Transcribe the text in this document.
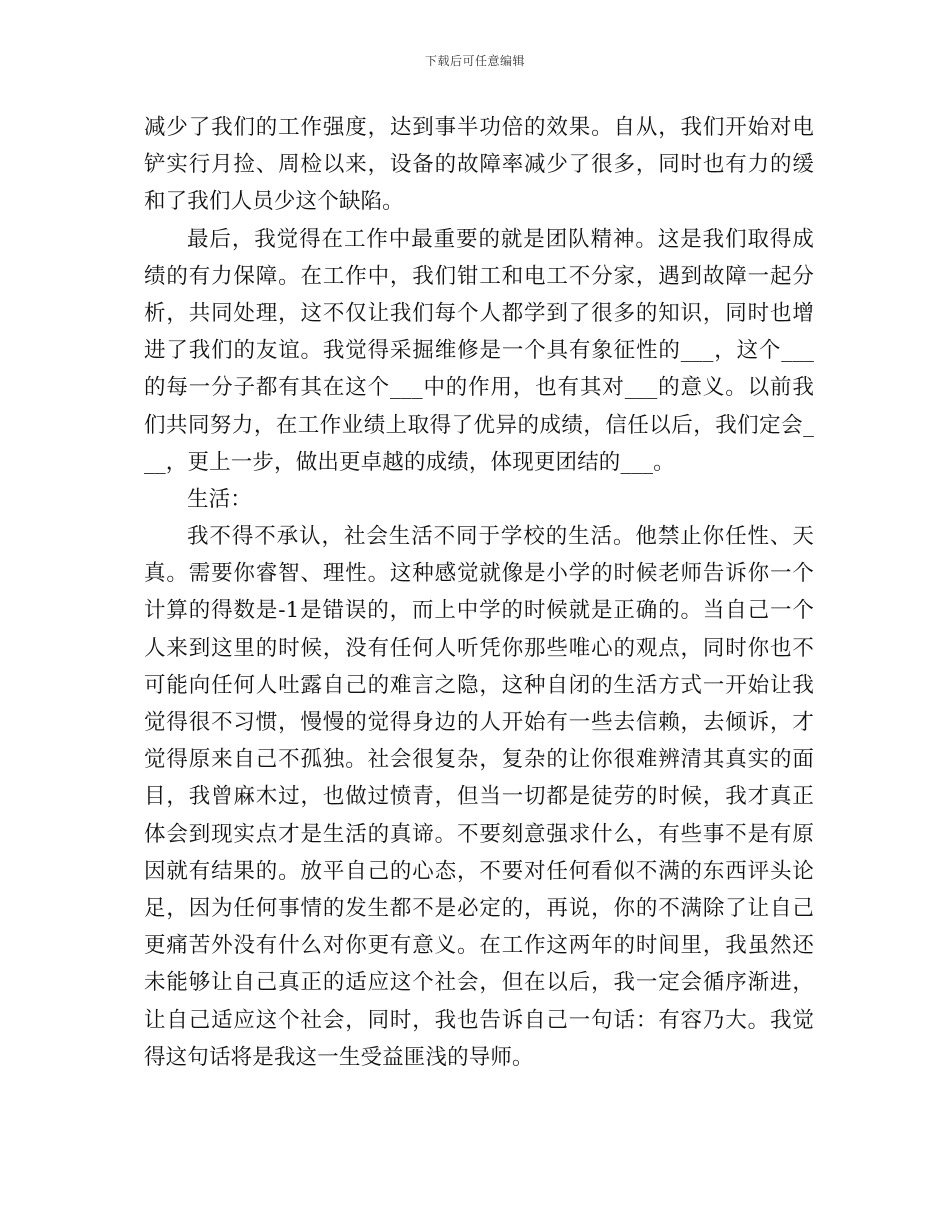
下载后可任意编辑
减少了我们的工作强度，达到事半功倍的效果。自从，我们开始对电
铲实行月捡、周检以来，设备的故障率减少了很多，同时也有力的缓
和了我们人员少这个缺陷。
最后，我觉得在工作中最重要的就是团队精神。这是我们取得成
绩的有力保障。在工作中，我们钳工和电工不分家，遇到故障一起分
析，共同处理，这不仅让我们每个人都学到了很多的知识，同时也增
进了我们的友谊。我觉得采掘维修是一个具有象征性的___，这个___
的每一分子都有其在这个___中的作用，也有其对___的意义。以前我
们共同努力，在工作业绩上取得了优异的成绩，信任以后，我们定会_
__，更上一步，做出更卓越的成绩，体现更团结的___。
生活：
我不得不承认，社会生活不同于学校的生活。他禁止你任性、天
真。需要你睿智、理性。这种感觉就像是小学的时候老师告诉你一个
计算的得数是-1是错误的，而上中学的时候就是正确的。当自己一个
人来到这里的时候，没有任何人听凭你那些唯心的观点，同时你也不
可能向任何人吐露自己的难言之隐，这种自闭的生活方式一开始让我
觉得很不习惯，慢慢的觉得身边的人开始有一些去信赖，去倾诉，才
觉得原来自己不孤独。社会很复杂，复杂的让你很难辨清其真实的面
目，我曾麻木过，也做过愤青，但当一切都是徒劳的时候，我才真正
体会到现实点才是生活的真谛。不要刻意强求什么，有些事不是有原
因就有结果的。放平自己的心态，不要对任何看似不满的东西评头论
足，因为任何事情的发生都不是必定的，再说，你的不满除了让自己
更痛苦外没有什么对你更有意义。在工作这两年的时间里，我虽然还
未能够让自己真正的适应这个社会，但在以后，我一定会循序渐进，
让自己适应这个社会，同时，我也告诉自己一句话：有容乃大。我觉
得这句话将是我这一生受益匪浅的导师。
